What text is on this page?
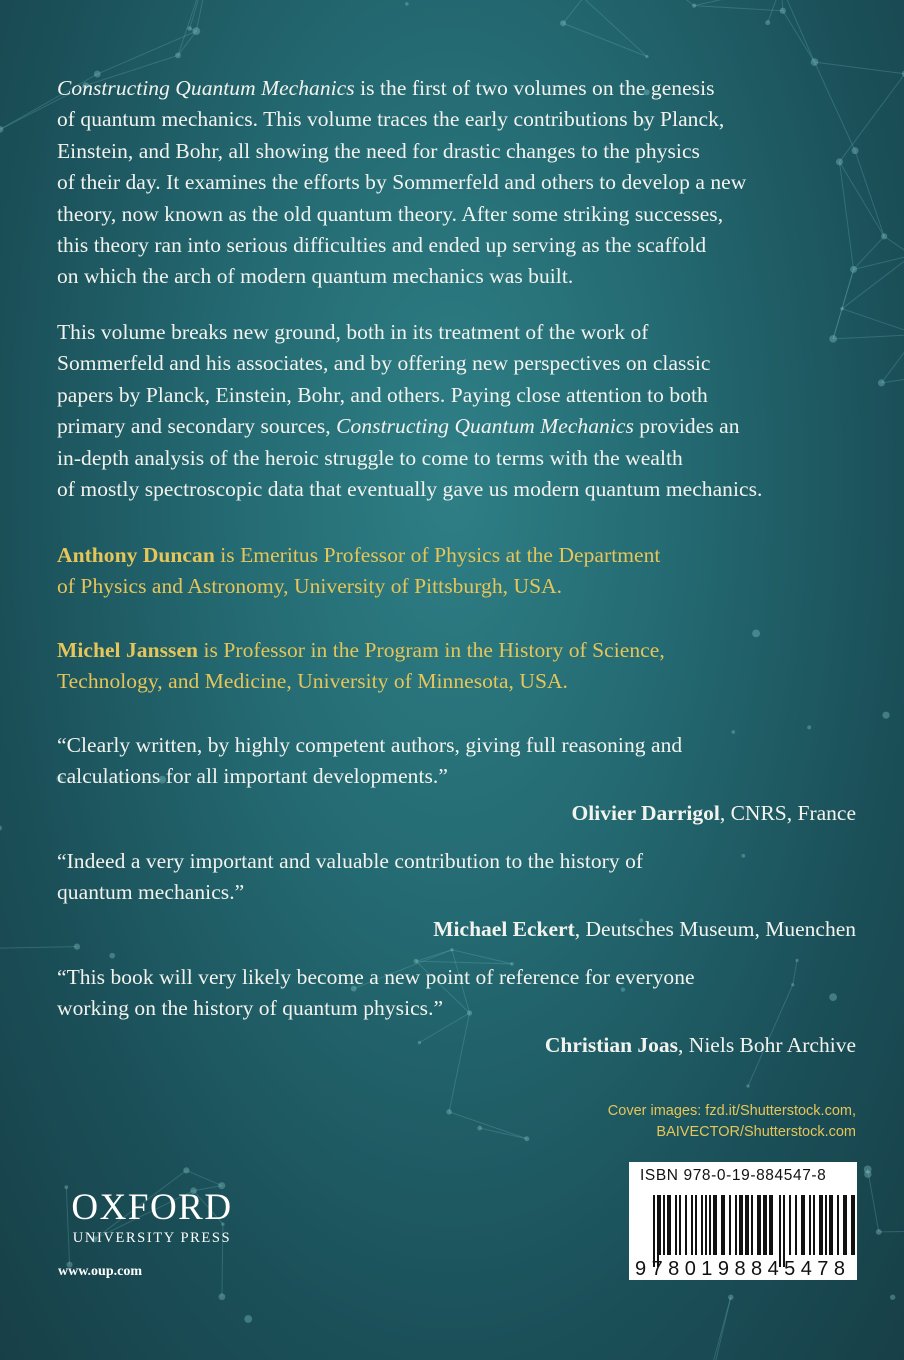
Constructing Quantum Mechanics is the first of two volumes on the genesis
of quantum mechanics. This volume traces the early contributions by Planck,
Einstein, and Bohr, all showing the need for drastic changes to the physics
of their day. It examines the efforts by Sommerfeld and others to develop a new
theory, now known as the old quantum theory. After some striking successes,
this theory ran into serious difficulties and ended up serving as the scaffold
on which the arch of modern quantum mechanics was built.
This volume breaks new ground, both in its treatment of the work of
Sommerfeld and his associates, and by offering new perspectives on classic
papers by Planck, Einstein, Bohr, and others. Paying close attention to both
primary and secondary sources, Constructing Quantum Mechanics provides an
in-depth analysis of the heroic struggle to come to terms with the wealth
of mostly spectroscopic data that eventually gave us modern quantum mechanics.
Anthony Duncan is Emeritus Professor of Physics at the Department
of Physics and Astronomy, University of Pittsburgh, USA.
Michel Janssen is Professor in the Program in the History of Science,
Technology, and Medicine, University of Minnesota, USA.
“Clearly written, by highly competent authors, giving full reasoning and
calculations for all important developments.”
Olivier Darrigol, CNRS, France
“Indeed a very important and valuable contribution to the history of
quantum mechanics.”
Michael Eckert, Deutsches Museum, Muenchen
“This book will very likely become a new point of reference for everyone
working on the history of quantum physics.”
Christian Joas, Niels Bohr Archive
Cover images: fzd.it/Shutterstock.com,
BAIVECTOR/Shutterstock.com
OXFORD
UNIVERSITY PRESS
www.oup.com
ISBN 978-0-19-884547-8
9780198845478
